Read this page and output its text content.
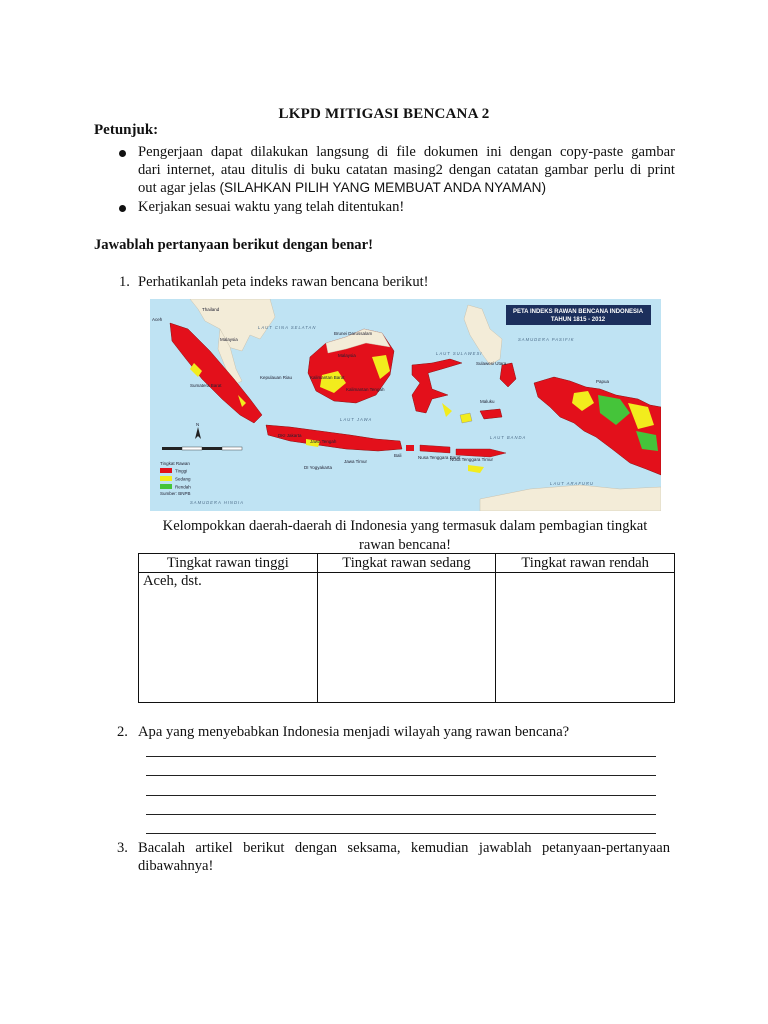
LKPD MITIGASI BENCANA 2
Petunjuk:
Pengerjaan dapat dilakukan langsung di file dokumen ini dengan copy-paste gambar
dari internet, atau ditulis di buku catatan masing2 dengan catatan gambar perlu di print
out agar jelas (SILAHKAN PILIH YANG MEMBUAT ANDA NYAMAN)
Kerjakan sesuai waktu yang telah ditentukan!
Jawablah pertanyaan berikut dengan benar!
1. Perhatikanlah peta indeks rawan bencana berikut!
PETA INDEKS RAWAN BENCANA INDONESIA
TAHUN 1815 - 2012
LAUT CINA SELATAN
SAMUDERA PASIFIK
LAUT SULAWESI
LAUT JAWA
LAUT BANDA
LAUT ARAFURU
SAMUDERA HINDIA
Thailand
Aceh
Brunei Darussalam
Malaysia
Malaysia
Kepulauan Riau
Sumatera Barat
Kalimantan Barat
Kalimantan Tengah
Sulawesi Utara
DKI Jakarta
Jawa Tengah
Jawa Timur
Bali
DI Yogyakarta
Nusa Tenggara Barat
Nusa Tenggara Timur
Papua
Maluku
N
Tingkat Rawan
Tinggi
Sedang
Rendah
Sumber: BNPB
Kelompokkan daerah-daerah di Indonesia yang termasuk dalam pembagian tingkat
rawan bencana!
Tingkat rawan tinggi	Tingkat rawan sedang	Tingkat rawan rendah
Aceh, dst.		
2. Apa yang menyebabkan Indonesia menjadi wilayah yang rawan bencana?
3. Bacalah artikel berikut dengan seksama, kemudian jawablah petanyaan-pertanyaan
dibawahnya!
